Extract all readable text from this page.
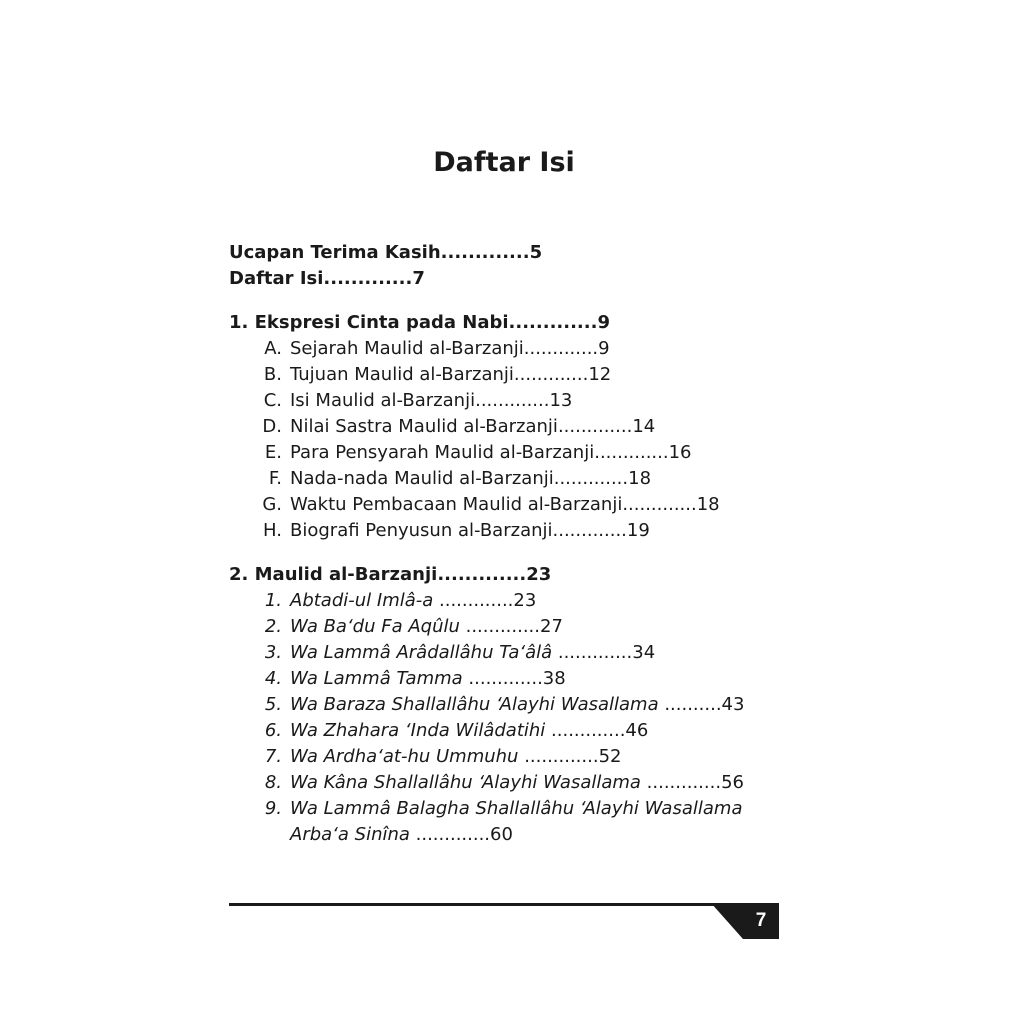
Daftar Isi
Ucapan Terima Kasih.............5
Daftar Isi.............7
1. Ekspresi Cinta pada Nabi.............9
A. Sejarah Maulid al-Barzanji.............9
B. Tujuan Maulid al-Barzanji.............12
C. Isi Maulid al-Barzanji.............13
D. Nilai Sastra Maulid al-Barzanji.............14
E. Para Pensyarah Maulid al-Barzanji.............16
F. Nada-nada Maulid al-Barzanji.............18
G. Waktu Pembacaan Maulid al-Barzanji.............18
H. Biografi Penyusun al-Barzanji.............19
2. Maulid al-Barzanji.............23
1. Abtadi-ul Imlâ-a .............23
2. Wa Ba‘du Fa Aqûlu .............27
3. Wa Lammâ Arâdallâhu Ta‘âlâ .............34
4. Wa Lammâ Tamma .............38
5. Wa Baraza Shallallâhu ‘Alayhi Wasallama ..........43
6. Wa Zhahara ‘Inda Wilâdatihi .............46
7. Wa Ardha‘at-hu Ummuhu .............52
8. Wa Kâna Shallallâhu ‘Alayhi Wasallama .............56
9. Wa Lammâ Balagha Shallallâhu ‘Alayhi Wasallama
Arba‘a Sinîna .............60
7
